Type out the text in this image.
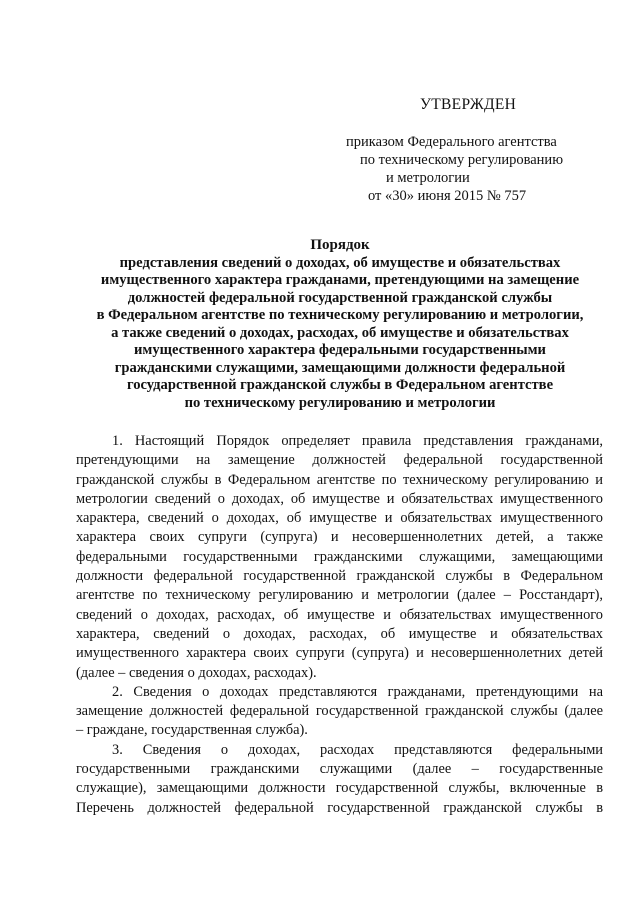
УТВЕРЖДЕН
приказом Федерального агентства
по техническому регулированию
и метрологии
от «30» июня 2015 № 757
Порядок
представления сведений о доходах, об имуществе и обязательствах
имущественного характера гражданами, претендующими на замещение
должностей федеральной государственной гражданской службы
в Федеральном агентстве по техническому регулированию и метрологии,
а также сведений о доходах, расходах, об имуществе и обязательствах
имущественного характера федеральными государственными
гражданскими служащими, замещающими должности федеральной
государственной гражданской службы в Федеральном агентстве
по техническому регулированию и метрологии
1. Настоящий Порядок определяет правила представления гражданами,
претендующими на замещение должностей федеральной государственной
гражданской службы в Федеральном агентстве по техническому регулированию и
метрологии сведений о доходах, об имуществе и обязательствах имущественного
характера, сведений о доходах, об имуществе и обязательствах имущественного
характера своих супруги (супруга) и несовершеннолетних детей, а также
федеральными государственными гражданскими служащими, замещающими
должности федеральной государственной гражданской службы в Федеральном
агентстве по техническому регулированию и метрологии (далее – Росстандарт),
сведений о доходах, расходах, об имуществе и обязательствах имущественного
характера, сведений о доходах, расходах, об имуществе и обязательствах
имущественного характера своих супруги (супруга) и несовершеннолетних детей
(далее – сведения о доходах, расходах).
2. Сведения о доходах представляются гражданами, претендующими на
замещение должностей федеральной государственной гражданской службы (далее
– граждане, государственная служба).
3. Сведения о доходах, расходах представляются федеральными
государственными гражданскими служащими (далее – государственные
служащие), замещающими должности государственной службы, включенные в
Перечень должностей федеральной государственной гражданской службы в
